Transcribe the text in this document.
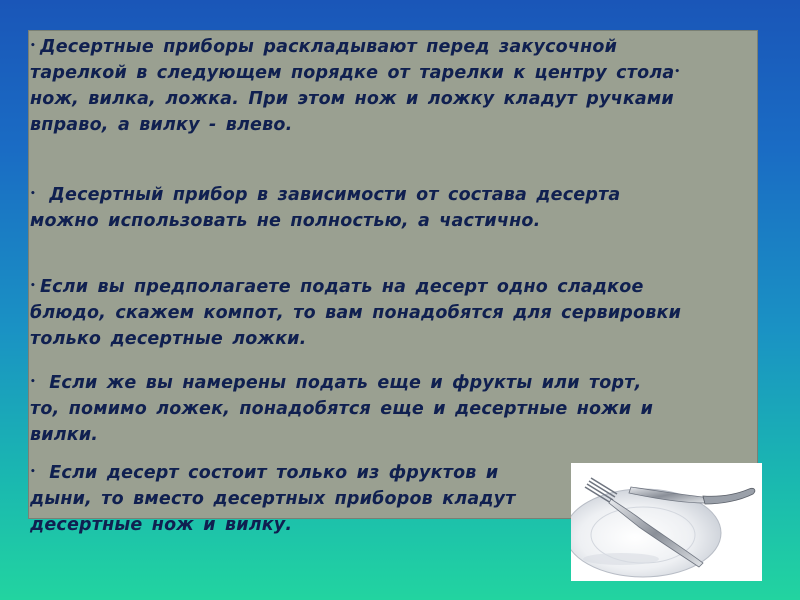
• Десертные приборы раскладывают перед закусочной
тарелкой в следующем порядке от тарелки к центру стола•
нож, вилка, ложка. При этом нож и ложку кладут ручками
вправо, а вилку - влево.
• Десертный прибор в зависимости от состава десерта
можно использовать не полностью, а частично.
• Если вы предполагаете подать на десерт одно сладкое
блюдо, скажем компот, то вам понадобятся для сервировки
только десертные ложки.
• Если же вы намерены подать еще и фрукты или торт,
то, помимо ложек, понадобятся еще и десертные ножи и
вилки.
• Если десерт состоит только из фруктов и
дыни, то вместо десертных приборов кладут
десертные нож и вилку.
